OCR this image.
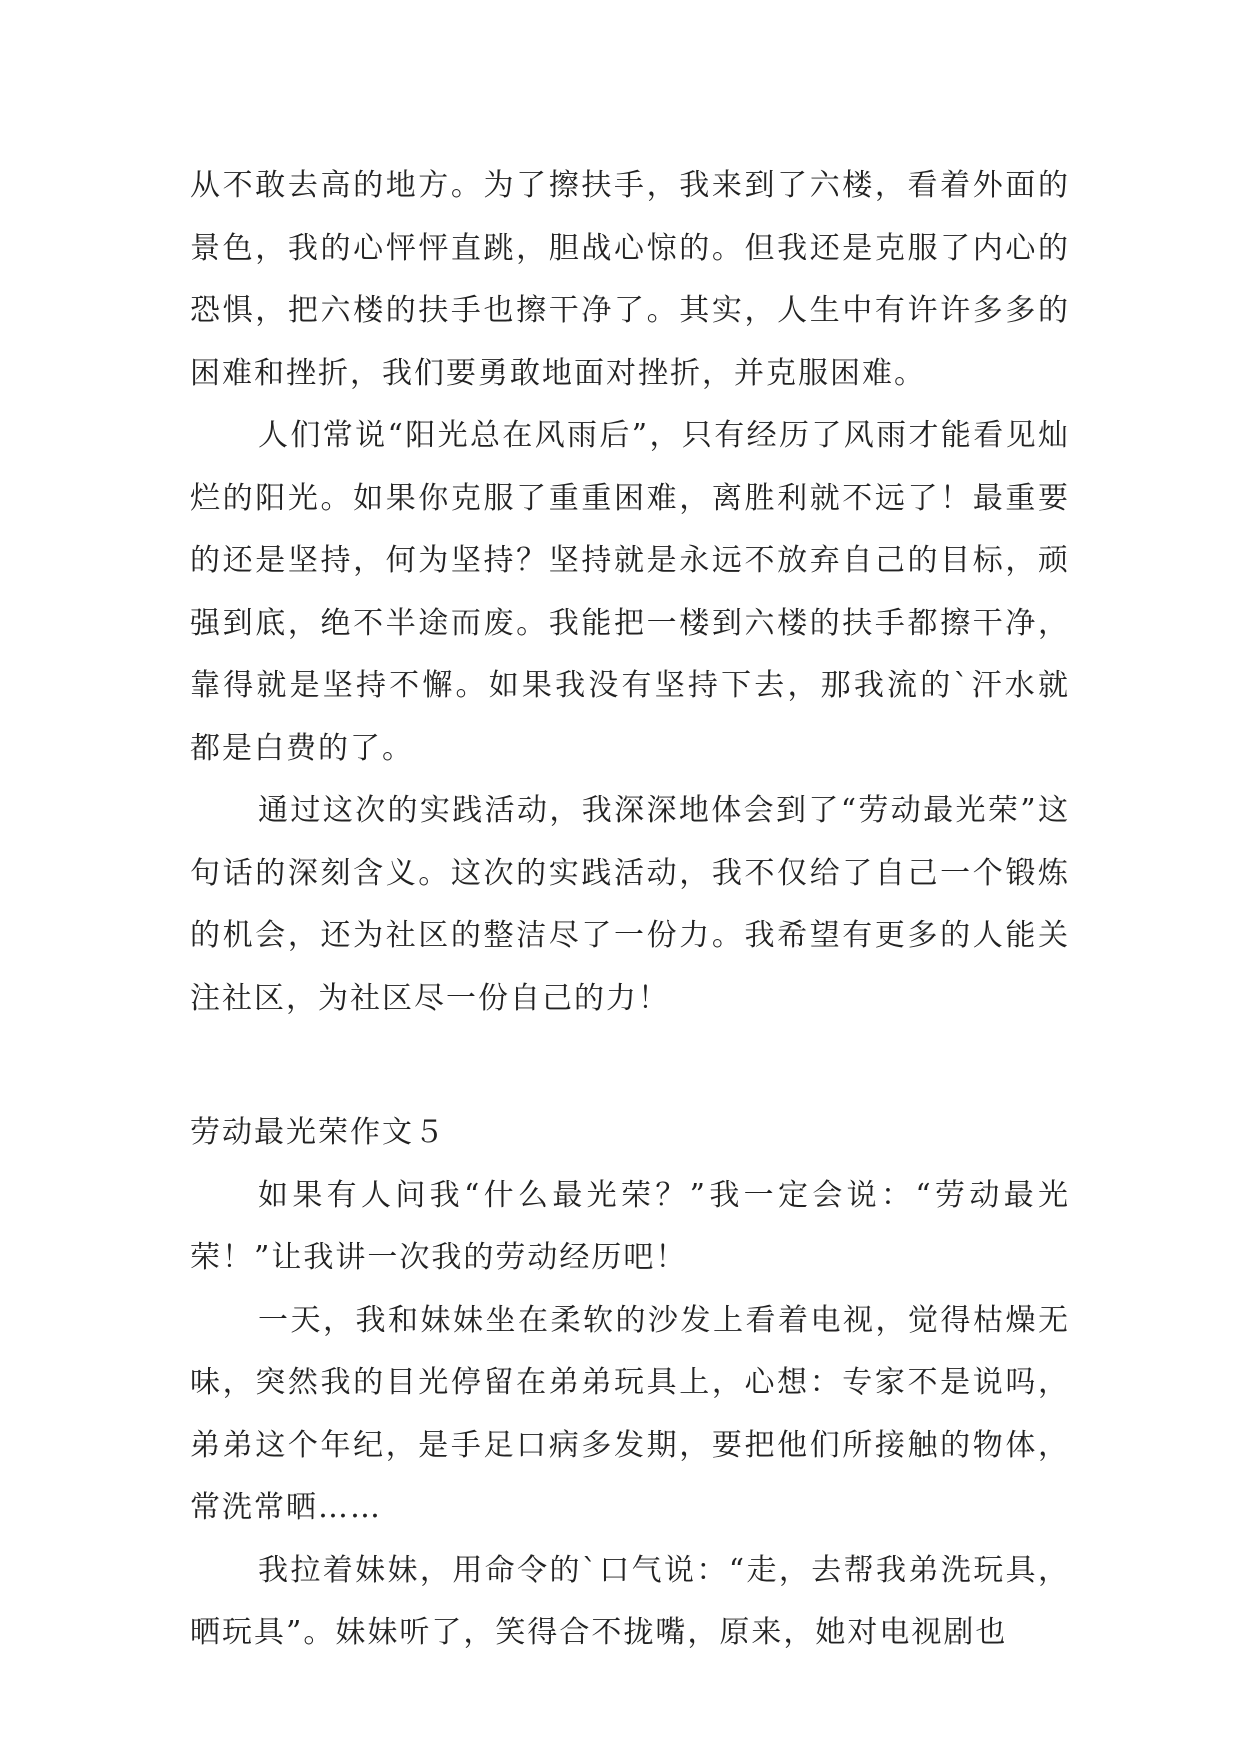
从不敢去高的地方。为了擦扶手，我来到了六楼，看着外面的景色，我的心怦怦直跳，胆战心惊的。但我还是克服了内心的恐惧，把六楼的扶手也擦干净了。其实，人生中有许许多多的困难和挫折，我们要勇敢地面对挫折，并克服困难。

人们常说“阳光总在风雨后”，只有经历了风雨才能看见灿烂的阳光。如果你克服了重重困难，离胜利就不远了！最重要的还是坚持，何为坚持？坚持就是永远不放弃自己的目标，顽强到底，绝不半途而废。我能把一楼到六楼的扶手都擦干净，靠得就是坚持不懈。如果我没有坚持下去，那我流的`汗水就都是白费的了。

通过这次的实践活动，我深深地体会到了“劳动最光荣”这句话的深刻含义。这次的实践活动，我不仅给了自己一个锻炼的机会，还为社区的整洁尽了一份力。我希望有更多的人能关注社区，为社区尽一份自己的力！

劳动最光荣作文５

如果有人问我“什么最光荣？”我一定会说：“劳动最光荣！”让我讲一次我的劳动经历吧！

一天，我和妹妹坐在柔软的沙发上看着电视，觉得枯燥无味，突然我的目光停留在弟弟玩具上，心想：专家不是说吗，弟弟这个年纪，是手足口病多发期，要把他们所接触的物体，常洗常晒……

我拉着妹妹，用命令的`口气说：“走，去帮我弟洗玩具，晒玩具”。妹妹听了，笑得合不拢嘴，原来，她对电视剧也
